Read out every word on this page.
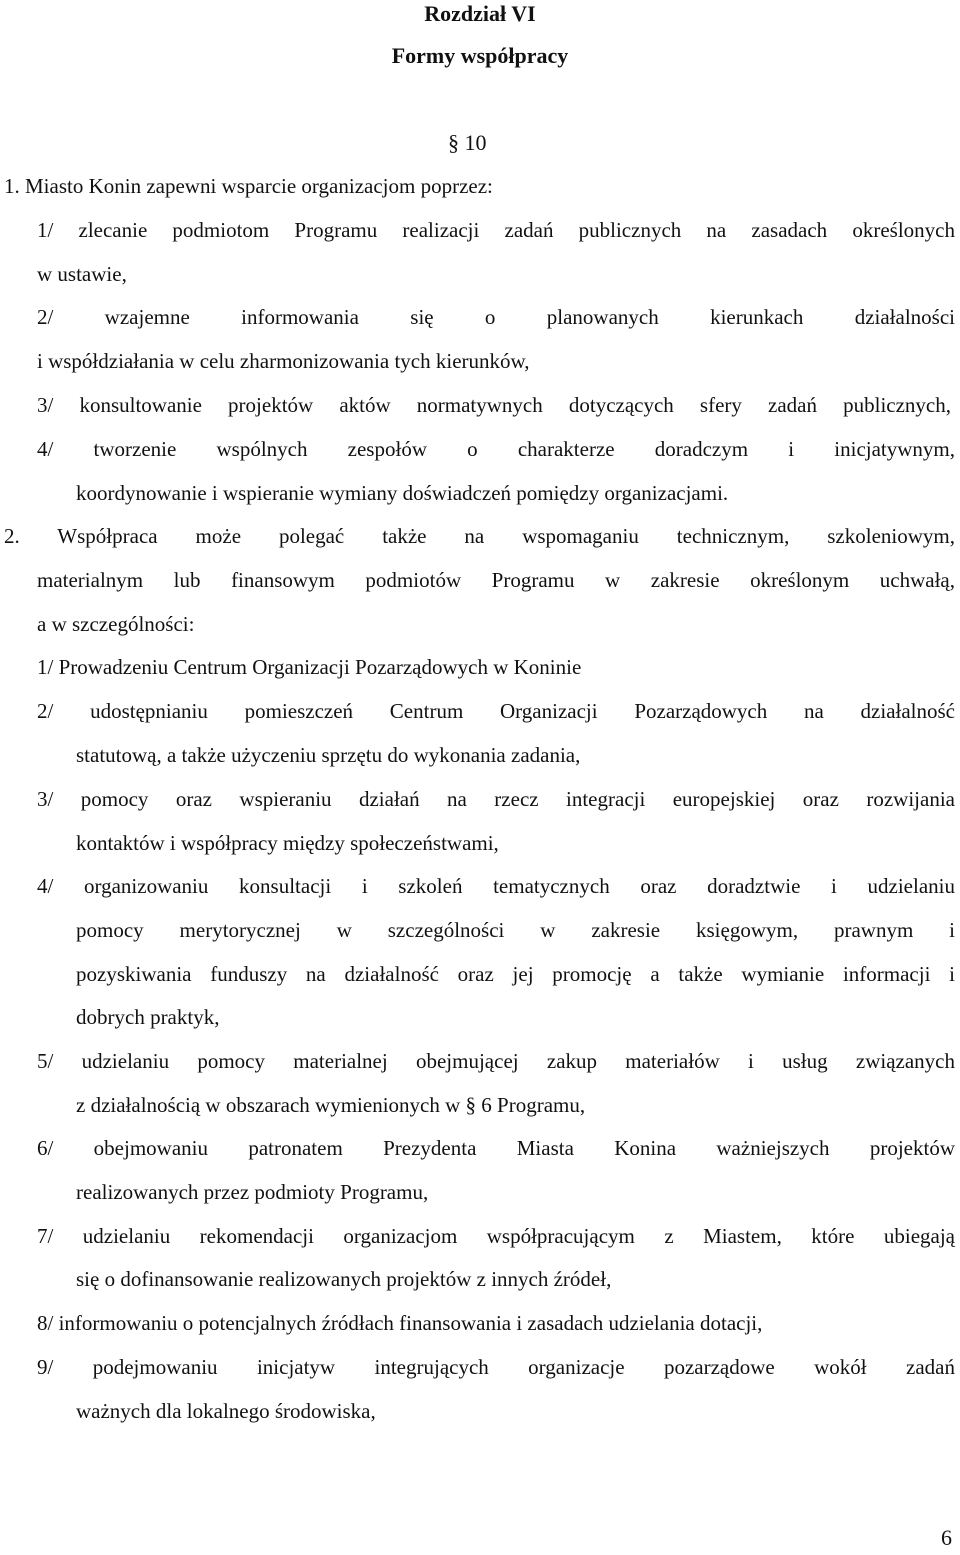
Rozdział VI
Formy współpracy
§ 10
1. Miasto Konin zapewni wsparcie organizacjom poprzez:
1/ zlecanie podmiotom Programu realizacji zadań publicznych na zasadach określonych
w ustawie,
2/ wzajemne informowania się o planowanych kierunkach działalności
i współdziałania w celu zharmonizowania tych kierunków,
3/ konsultowanie projektów aktów normatywnych dotyczących sfery zadań publicznych,
4/ tworzenie wspólnych zespołów o charakterze doradczym i inicjatywnym,
koordynowanie i wspieranie wymiany doświadczeń pomiędzy organizacjami.
2. Współpraca może polegać także na wspomaganiu technicznym, szkoleniowym,
materialnym lub finansowym podmiotów Programu w zakresie określonym uchwałą,
a w szczególności:
1/ Prowadzeniu Centrum Organizacji Pozarządowych w Koninie
2/ udostępnianiu pomieszczeń Centrum Organizacji Pozarządowych na działalność
statutową, a także użyczeniu sprzętu do wykonania zadania,
3/ pomocy oraz wspieraniu działań na rzecz integracji europejskiej oraz rozwijania
kontaktów i współpracy między społeczeństwami,
4/ organizowaniu konsultacji i szkoleń tematycznych oraz doradztwie i udzielaniu
pomocy merytorycznej w szczególności w zakresie księgowym, prawnym i
pozyskiwania funduszy na działalność oraz jej promocję a także wymianie informacji i
dobrych praktyk,
5/ udzielaniu pomocy materialnej obejmującej zakup materiałów i usług związanych
z działalnością w obszarach wymienionych w § 6 Programu,
6/ obejmowaniu patronatem Prezydenta Miasta Konina ważniejszych projektów
realizowanych przez podmioty Programu,
7/ udzielaniu rekomendacji organizacjom współpracującym z Miastem, które ubiegają
się o dofinansowanie realizowanych projektów z innych źródeł,
8/ informowaniu o potencjalnych źródłach finansowania i zasadach udzielania dotacji,
9/ podejmowaniu inicjatyw integrujących organizacje pozarządowe wokół zadań
ważnych dla lokalnego środowiska,
6
